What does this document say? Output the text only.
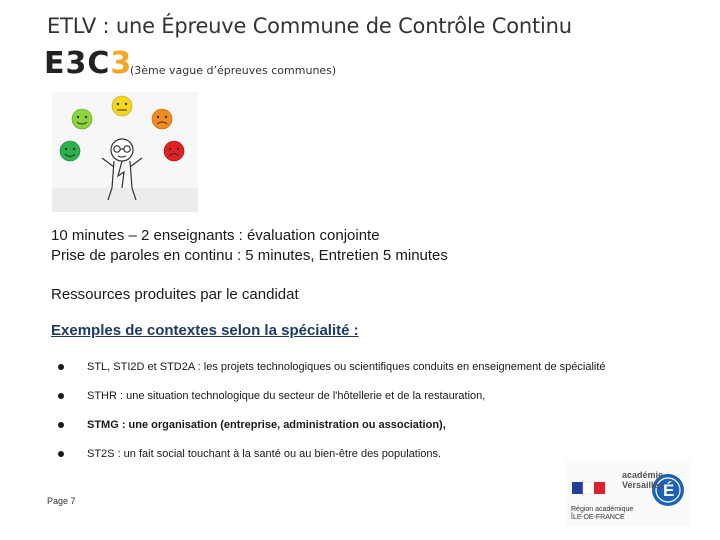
ETLV : une Épreuve Commune de Contrôle Continu
E3C3
(3ème vague d’épreuves communes)
10 minutes – 2 enseignants : évaluation conjointe
Prise de paroles en continu : 5 minutes, Entretien 5 minutes
Ressources produites par le candidat
Exemples de contextes selon la spécialité :
STL, STI2D et STD2A : les projets technologiques ou scientifiques conduits en enseignement de spécialité
STHR : une situation technologique du secteur de l'hôtellerie et de la restauration,
STMG : une organisation (entreprise, administration ou association),
ST2S : un fait social touchant à la santé ou au bien-être des populations.
Page 7
É
académie
Versailles
Région académique
ÎLE-DE-FRANCE
